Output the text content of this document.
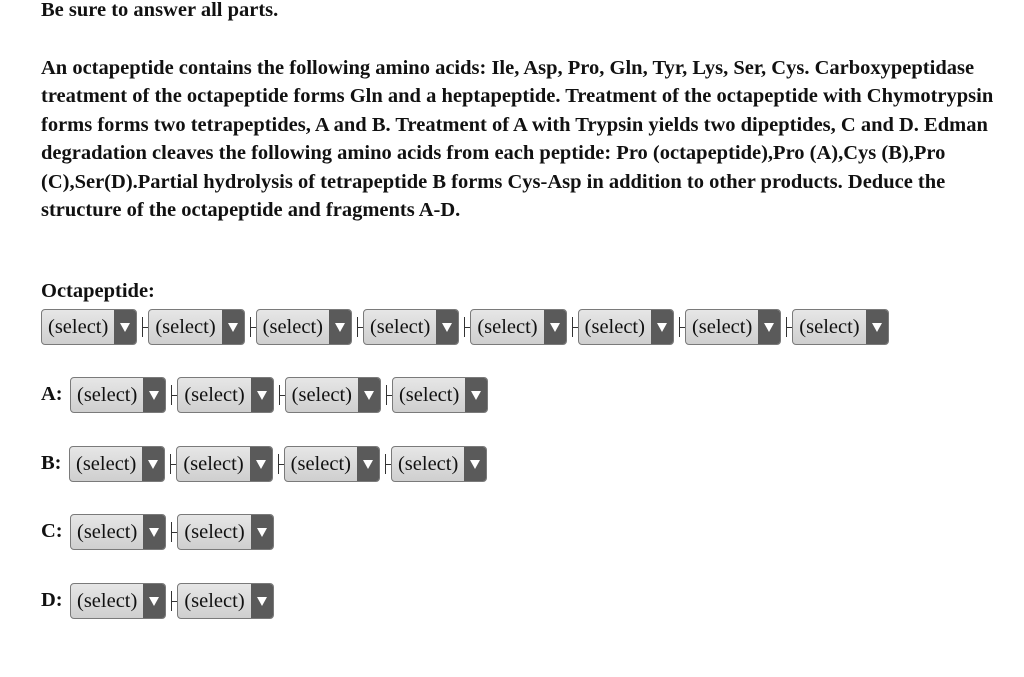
Be sure to answer all parts.

An octapeptide contains the following amino acids: Ile, Asp, Pro, Gln, Tyr, Lys, Ser, Cys. Carboxypeptidase treatment of the octapeptide forms Gln and a heptapeptide. Treatment of the octapeptide with Chymotrypsin forms forms two tetrapeptides, A and B. Treatment of A with Trypsin yields two dipeptides, C and D. Edman degradation cleaves the following amino acids from each peptide: Pro (octapeptide),Pro (A),Cys (B),Pro (C),Ser(D).Partial hydrolysis of tetrapeptide B forms Cys-Asp in addition to other products. Deduce the structure of the octapeptide and fragments A-D.

Octapeptide:
(select) (select) (select) (select) (select) (select) (select) (select)
A: (select) (select) (select) (select)
B: (select) (select) (select) (select)
C: (select) (select)
D: (select) (select)
